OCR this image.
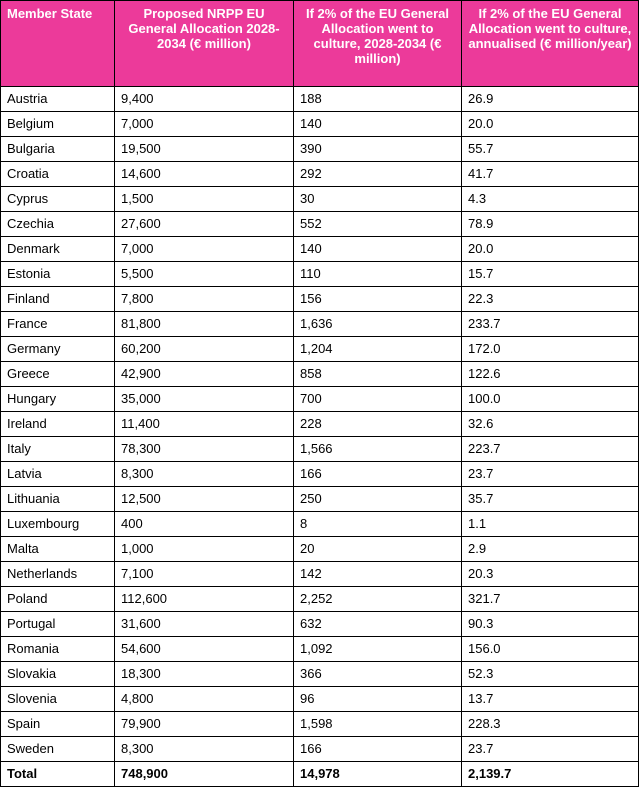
Member State	Proposed NRPP EU General Allocation 2028-2034 (€ million)	If 2% of the EU General Allocation went to culture, 2028-2034 (€ million)	If 2% of the EU General Allocation went to culture, annualised (€ million/year)
Austria	9,400	188	26.9
Belgium	7,000	140	20.0
Bulgaria	19,500	390	55.7
Croatia	14,600	292	41.7
Cyprus	1,500	30	4.3
Czechia	27,600	552	78.9
Denmark	7,000	140	20.0
Estonia	5,500	110	15.7
Finland	7,800	156	22.3
France	81,800	1,636	233.7
Germany	60,200	1,204	172.0
Greece	42,900	858	122.6
Hungary	35,000	700	100.0
Ireland	11,400	228	32.6
Italy	78,300	1,566	223.7
Latvia	8,300	166	23.7
Lithuania	12,500	250	35.7
Luxembourg	400	8	1.1
Malta	1,000	20	2.9
Netherlands	7,100	142	20.3
Poland	112,600	2,252	321.7
Portugal	31,600	632	90.3
Romania	54,600	1,092	156.0
Slovakia	18,300	366	52.3
Slovenia	4,800	96	13.7
Spain	79,900	1,598	228.3
Sweden	8,300	166	23.7
Total	748,900	14,978	2,139.7
